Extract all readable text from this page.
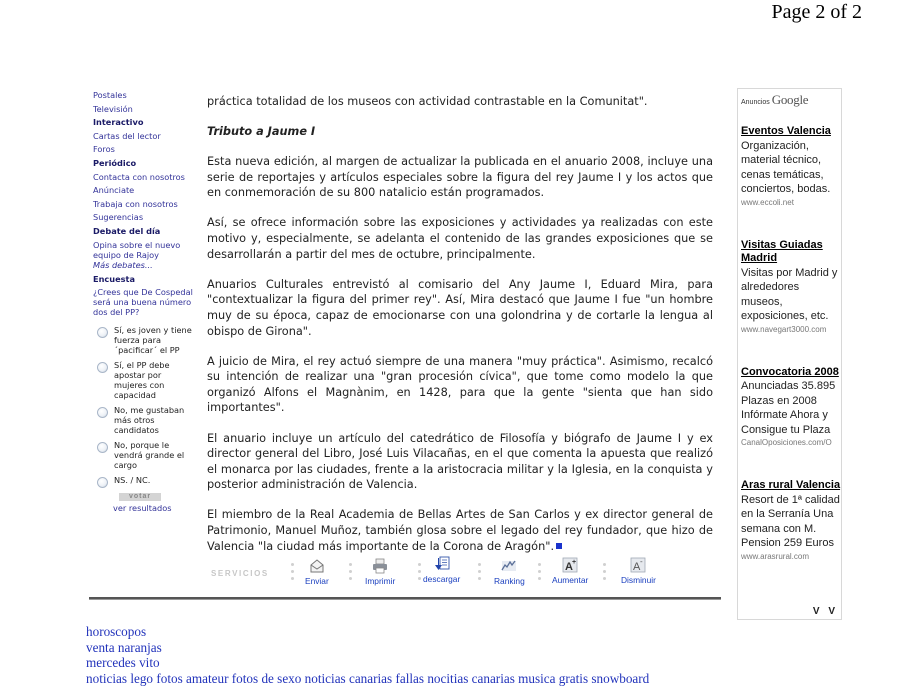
Page 2 of 2
Postales
Televisión
Interactivo
Cartas del lector
Foros
Periódico
Contacta con nosotros
Anúnciate
Trabaja con nosotros
Sugerencias
Debate del día
Opina sobre el nuevo equipo de Rajoy
Más debates...
Encuesta
¿Crees que De Cospedal será una buena número dos del PP?
Sí, es joven y tiene fuerza para ´pacificar´ el PP
Sí, el PP debe apostar por mujeres con capacidad
No, me gustaban más otros candidatos
No, porque le vendrá grande el cargo
NS. / NC.
votar
ver resultados

práctica totalidad de los museos con actividad contrastable en la Comunitat".

Tributo a Jaume I

Esta nueva edición, al margen de actualizar la publicada en el anuario 2008, incluye una serie de reportajes y artículos especiales sobre la figura del rey Jaume I y los actos que en conmemoración de su 800 natalicio están programados.

Así, se ofrece información sobre las exposiciones y actividades ya realizadas con este motivo y, especialmente, se adelanta el contenido de las grandes exposiciones que se desarrollarán a partir del mes de octubre, principalmente.

Anuarios Culturales entrevistó al comisario del Any Jaume I, Eduard Mira, para "contextualizar la figura del primer rey". Así, Mira destacó que Jaume I fue "un hombre muy de su época, capaz de emocionarse con una golondrina y de cortarle la lengua al obispo de Girona".

A juicio de Mira, el rey actuó siempre de una manera "muy práctica". Asimismo, recalcó su intención de realizar una "gran procesión cívica", que tome como modelo la que organizó Alfons el Magnànim, en 1428, para que la gente "sienta que han sido importantes".

El anuario incluye un artículo del catedrático de Filosofía y biógrafo de Jaume I y ex director general del Libro, José Luis Vilacañas, en el que comenta la apuesta que realizó el monarca por las ciudades, frente a la aristocracia militar y la Iglesia, en la conquista y posterior administración de Valencia.

El miembro de la Real Academia de Bellas Artes de San Carlos y ex director general de Patrimonio, Manuel Muñoz, también glosa sobre el legado del rey fundador, que hizo de Valencia "la ciudad más importante de la Corona de Aragón".

SERVICIOS
Enviar	Imprimir	descargar	Ranking
A +
Aumentar
A -
Disminuir
Anuncios Google
Eventos Valencia
Organización, material técnico, cenas temáticas, conciertos, bodas.
www.eccoli.net
Visitas Guiadas Madrid
Visitas por Madrid y alrededores museos, exposiciones, etc.
www.navegart3000.com
Convocatoria 2008
Anunciadas 35.895 Plazas en 2008 Infórmate Ahora y Consigue tu Plaza
CanalOposiciones.com/O
Aras rural Valencia
Resort de 1ª calidad en la Serranía Una semana con M. Pension 259 Euros
www.arasrural.com
V V
horoscopos
venta naranjas
mercedes vito
noticias lego fotos amateur fotos de sexo noticias canarias fallas nocitias canarias musica gratis snowboard
